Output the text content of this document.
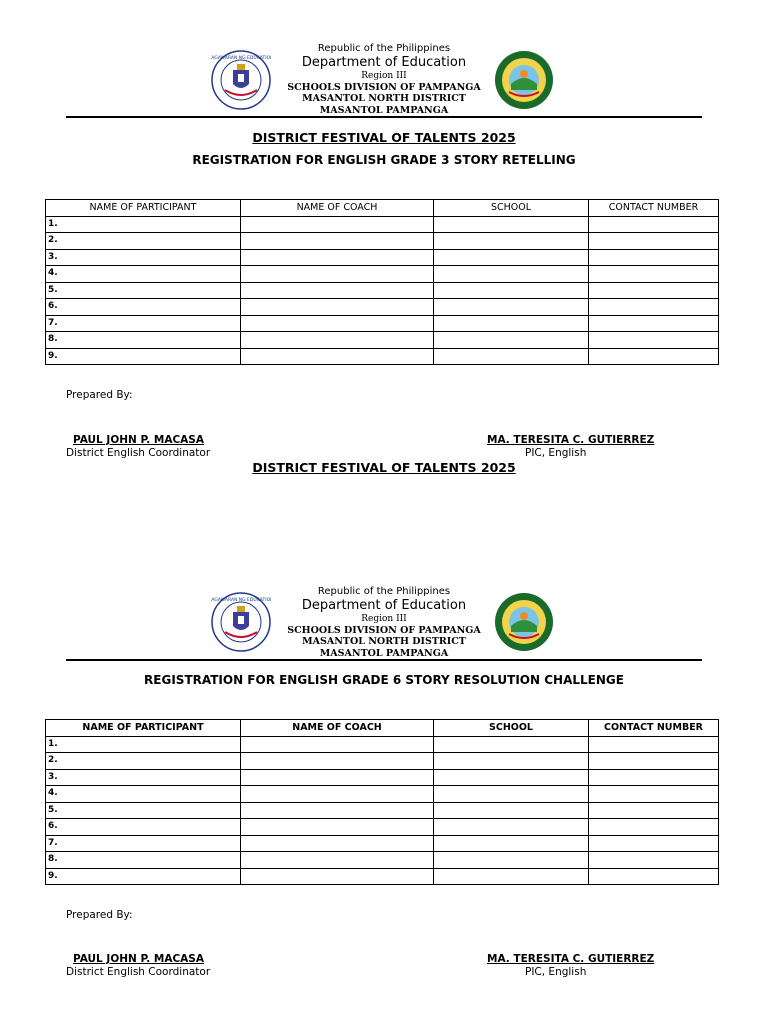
KAGAWARAN NG EDUCATION
Republic of the Philippines
Department of Education
Region III
SCHOOLS DIVISION OF PAMPANGA
MASANTOL NORTH DISTRICT
MASANTOL PAMPANGA
DISTRICT FESTIVAL OF TALENTS 2025
REGISTRATION FOR ENGLISH GRADE 3 STORY RETELLING
NAME OF PARTICIPANT	NAME OF COACH	SCHOOL	CONTACT NUMBER
1.			
2.			
3.			
4.			
5.			
6.			
7.			
8.			
9.			
Prepared By:
PAUL JOHN P. MACASA
District English Coordinator
MA. TERESITA C. GUTIERREZ
PIC, English
DISTRICT FESTIVAL OF TALENTS 2025
KAGAWARAN NG EDUCATION
Republic of the Philippines
Department of Education
Region III
SCHOOLS DIVISION OF PAMPANGA
MASANTOL NORTH DISTRICT
MASANTOL PAMPANGA
REGISTRATION FOR ENGLISH GRADE 6 STORY RESOLUTION CHALLENGE
NAME OF PARTICIPANT	NAME OF COACH	SCHOOL	CONTACT NUMBER
1.			
2.			
3.			
4.			
5.			
6.			
7.			
8.			
9.			
Prepared By:
PAUL JOHN P. MACASA
District English Coordinator
MA. TERESITA C. GUTIERREZ
PIC, English
